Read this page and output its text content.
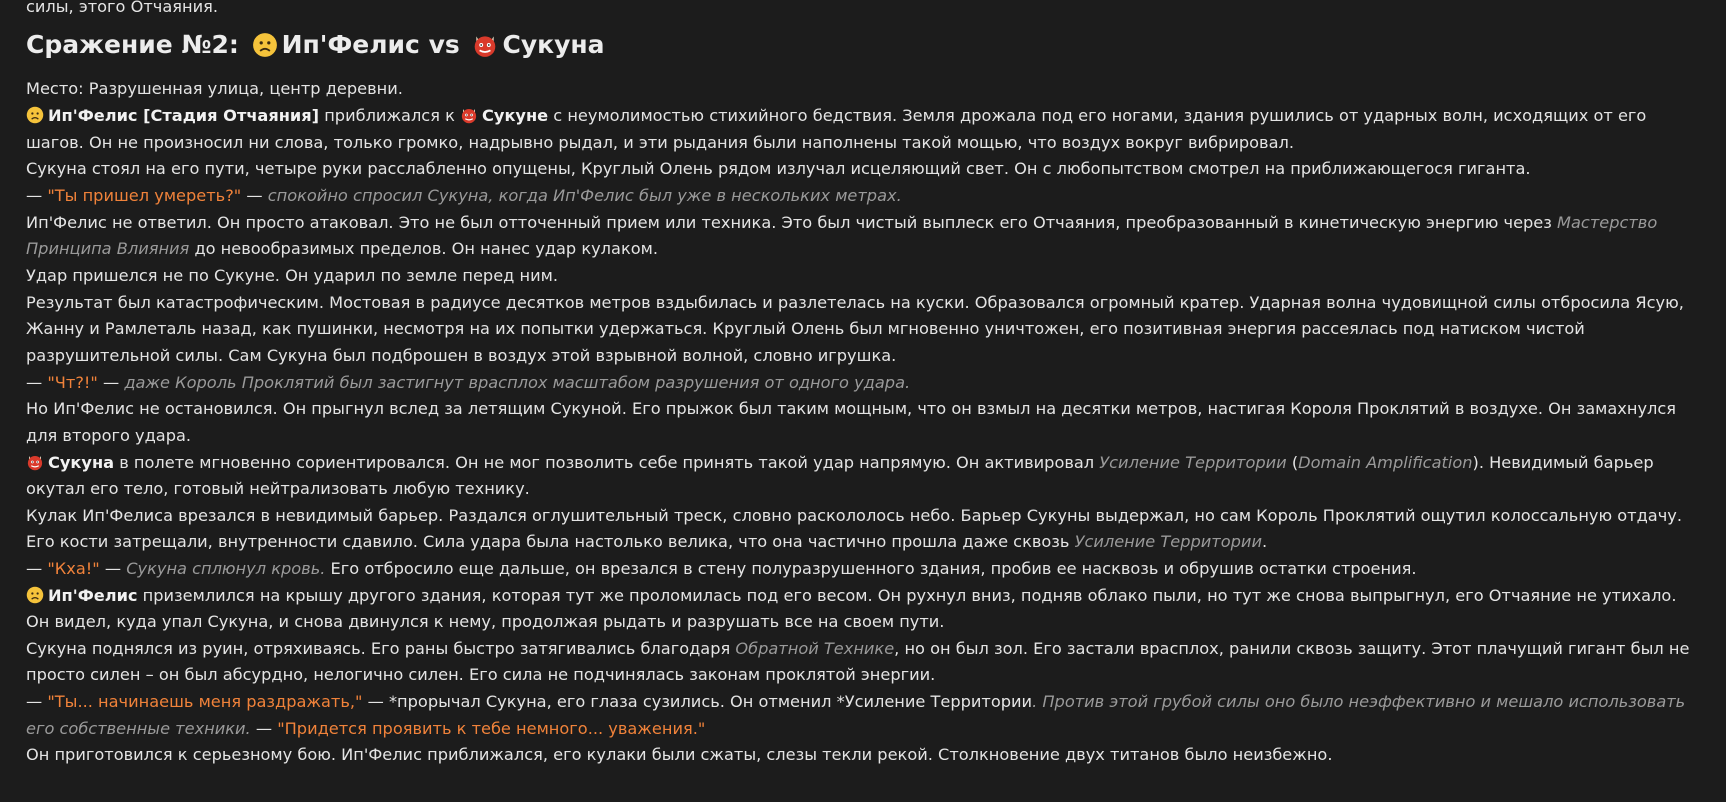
силы, этого Отчаяния.

Сражение №2: Ип'Фелис vs Сукуна

Место: Разрушенная улица, центр деревни.

Ип'Фелис [Стадия Отчаяния] приближался к Сукуне с неумолимостью стихийного бедствия. Земля дрожала под его ногами, здания рушились от ударных волн, исходящих от его шагов. Он не произносил ни слова, только громко, надрывно рыдал, и эти рыдания были наполнены такой мощью, что воздух вокруг вибрировал.

Сукуна стоял на его пути, четыре руки расслабленно опущены, Круглый Олень рядом излучал исцеляющий свет. Он с любопытством смотрел на приближающегося гиганта.

— "Ты пришел умереть?" — спокойно спросил Сукуна, когда Ип'Фелис был уже в нескольких метрах.

Ип'Фелис не ответил. Он просто атаковал. Это не был отточенный прием или техника. Это был чистый выплеск его Отчаяния, преобразованный в кинетическую энергию через Мастерство Принципа Влияния до невообразимых пределов. Он нанес удар кулаком.

Удар пришелся не по Сукуне. Он ударил по земле перед ним.

Результат был катастрофическим. Мостовая в радиусе десятков метров вздыбилась и разлетелась на куски. Образовался огромный кратер. Ударная волна чудовищной силы отбросила Ясую, Жанну и Рамлеталь назад, как пушинки, несмотря на их попытки удержаться. Круглый Олень был мгновенно уничтожен, его позитивная энергия рассеялась под натиском чистой разрушительной силы. Сам Сукуна был подброшен в воздух этой взрывной волной, словно игрушка.

— "Чт?!" — даже Король Проклятий был застигнут врасплох масштабом разрушения от одного удара.

Но Ип'Фелис не остановился. Он прыгнул вслед за летящим Сукуной. Его прыжок был таким мощным, что он взмыл на десятки метров, настигая Короля Проклятий в воздухе. Он замахнулся для второго удара.

Сукуна в полете мгновенно сориентировался. Он не мог позволить себе принять такой удар напрямую. Он активировал Усиление Территории (Domain Amplification). Невидимый барьер окутал его тело, готовый нейтрализовать любую технику.

Кулак Ип'Фелиса врезался в невидимый барьер. Раздался оглушительный треск, словно раскололось небо. Барьер Сукуны выдержал, но сам Король Проклятий ощутил колоссальную отдачу. Его кости затрещали, внутренности сдавило. Сила удара была настолько велика, что она частично прошла даже сквозь Усиление Территории.

— "Кха!" — Сукуна сплюнул кровь. Его отбросило еще дальше, он врезался в стену полуразрушенного здания, пробив ее насквозь и обрушив остатки строения.

Ип'Фелис приземлился на крышу другого здания, которая тут же проломилась под его весом. Он рухнул вниз, подняв облако пыли, но тут же снова выпрыгнул, его Отчаяние не утихало. Он видел, куда упал Сукуна, и снова двинулся к нему, продолжая рыдать и разрушать все на своем пути.

Сукуна поднялся из руин, отряхиваясь. Его раны быстро затягивались благодаря Обратной Технике, но он был зол. Его застали врасплох, ранили сквозь защиту. Этот плачущий гигант был не просто силен – он был абсурдно, нелогично силен. Его сила не подчинялась законам проклятой энергии.

— "Ты... начинаешь меня раздражать," — *прорычал Сукуна, его глаза сузились. Он отменил *Усиление Территории. Против этой грубой силы оно было неэффективно и мешало использовать его собственные техники. — "Придется проявить к тебе немного... уважения."

Он приготовился к серьезному бою. Ип'Фелис приближался, его кулаки были сжаты, слезы текли рекой. Столкновение двух титанов было неизбежно.
